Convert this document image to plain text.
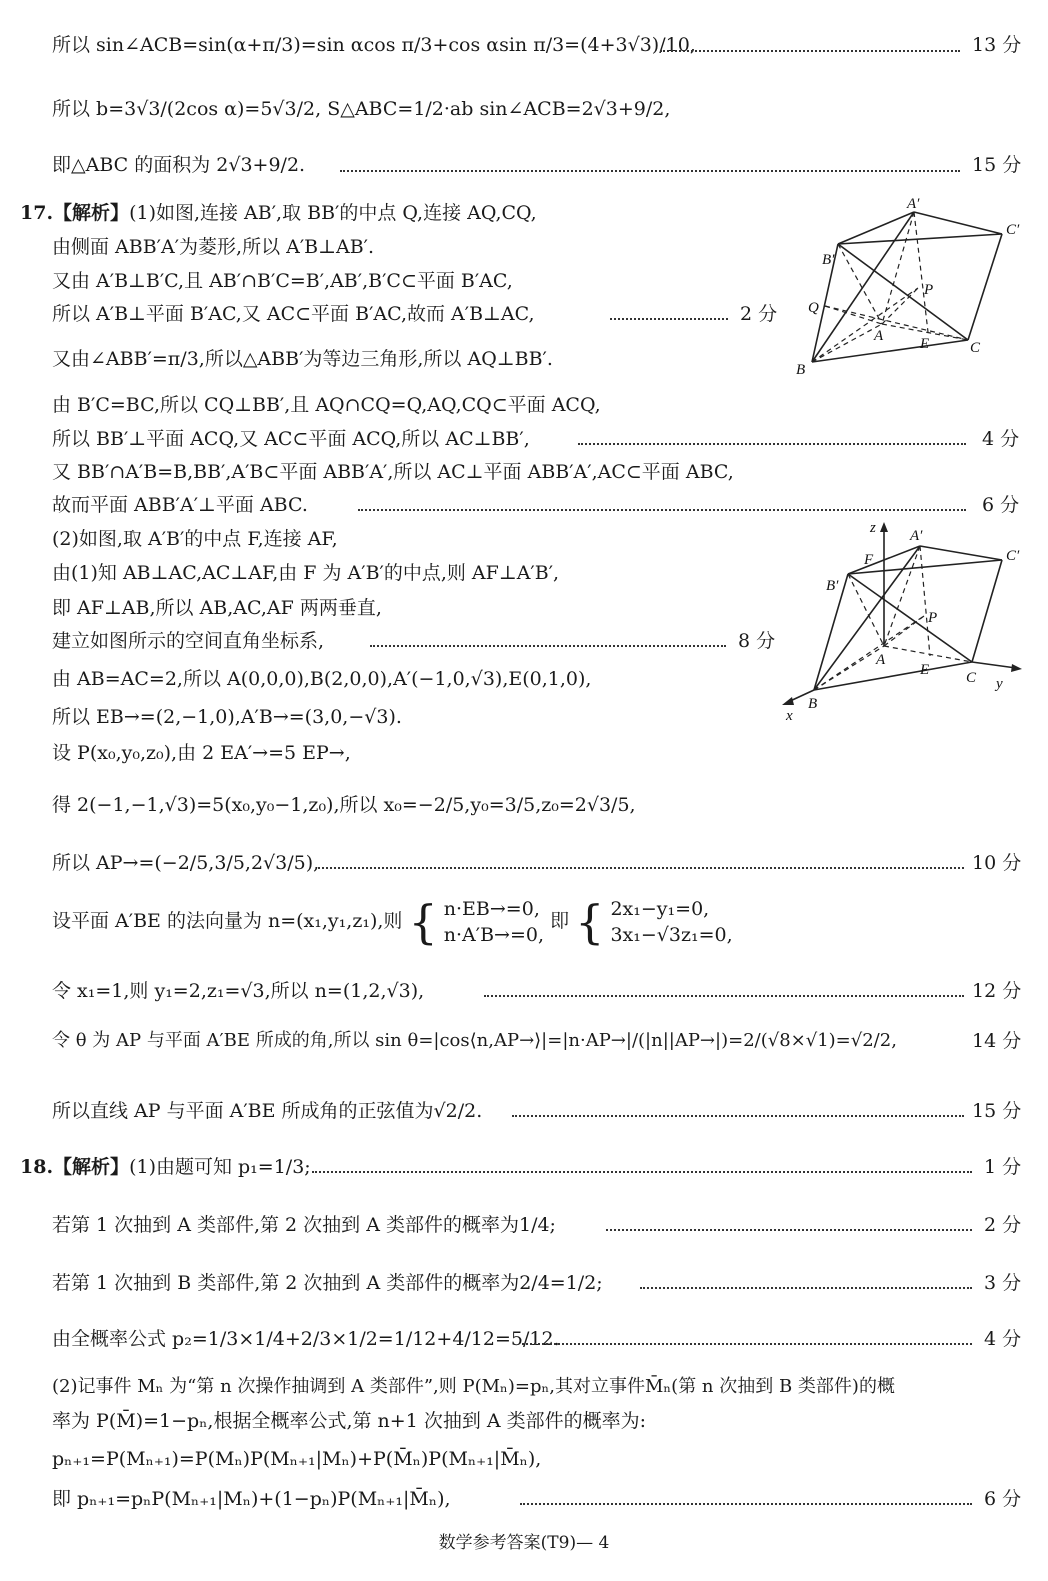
所以 sin∠ACB=sin(α+π/3)=sin αcos π/3+cos αsin π/3=(4+3√3)/10,	13 分
所以 b=3√3/(2cos α)=5√3/2, S△ABC=1/2·ab sin∠ACB=2√3+9/2,
即△ABC 的面积为 2√3+9/2.	15 分
17.【解析】(1)如图,连接 AB′,取 BB′的中点 Q,连接 AQ,CQ,
由侧面 ABB′A′为菱形,所以 A′B⊥AB′.
又由 A′B⊥B′C,且 AB′∩B′C=B′,AB′,B′C⊂平面 B′AC,
所以 A′B⊥平面 B′AC,又 AC⊂平面 B′AC,故而 A′B⊥AC,	2 分
又由∠ABB′=π/3,所以△ABB′为等边三角形,所以 AQ⊥BB′.
由 B′C=BC,所以 CQ⊥BB′,且 AQ∩CQ=Q,AQ,CQ⊂平面 ACQ,
所以 BB′⊥平面 ACQ,又 AC⊂平面 ACQ,所以 AC⊥BB′,	4 分
又 BB′∩A′B=B,BB′,A′B⊂平面 ABB′A′,所以 AC⊥平面 ABB′A′,AC⊂平面 ABC,
故而平面 ABB′A′⊥平面 ABC.	6 分
(2)如图,取 A′B′的中点 F,连接 AF,
由(1)知 AB⊥AC,AC⊥AF,由 F 为 A′B′的中点,则 AF⊥A′B′,
即 AF⊥AB,所以 AB,AC,AF 两两垂直,
建立如图所示的空间直角坐标系,	8 分
由 AB=AC=2,所以 A(0,0,0),B(2,0,0),A′(−1,0,√3),E(0,1,0),
所以 EB→=(2,−1,0),A′B→=(3,0,−√3).
设 P(x₀,y₀,z₀),由 2 EA′→=5 EP→,
得 2(−1,−1,√3)=5(x₀,y₀−1,z₀),所以 x₀=−2/5,y₀=3/5,z₀=2√3/5,
所以 AP→=(−2/5,3/5,2√3/5),	10 分
设平面 A′BE 的法向量为 n=(x₁,y₁,z₁),则 { n·EB→=0,
n·A′B→=0,
即 { 2x₁−y₁=0,
3x₁−√3z₁=0,
令 x₁=1,则 y₁=2,z₁=√3,所以 n=(1,2,√3),	12 分
令 θ 为 AP 与平面 A′BE 所成的角,所以 sin θ=|cos⟨n,AP→⟩|=|n·AP→|/(|n||AP→|)=2/(√8×√1)=√2/2,	14 分
所以直线 AP 与平面 A′BE 所成角的正弦值为√2/2.	15 分
18.【解析】(1)由题可知 p₁=1/3;	1 分
若第 1 次抽到 A 类部件,第 2 次抽到 A 类部件的概率为1/4;	2 分
若第 1 次抽到 B 类部件,第 2 次抽到 A 类部件的概率为2/4=1/2;	3 分
由全概率公式 p₂=1/3×1/4+2/3×1/2=1/12+4/12=5/12.	4 分
(2)记事件 Mₙ 为“第 n 次操作抽调到 A 类部件”,则 P(Mₙ)=pₙ,其对立事件M̄ₙ(第 n 次抽到 B 类部件)的概
率为 P(M̄)=1−pₙ,根据全概率公式,第 n+1 次抽到 A 类部件的概率为:
pₙ₊₁=P(Mₙ₊₁)=P(Mₙ)P(Mₙ₊₁|Mₙ)+P(M̄ₙ)P(Mₙ₊₁|M̄ₙ),
即 pₙ₊₁=pₙP(Mₙ₊₁|Mₙ)+(1−pₙ)P(Mₙ₊₁|M̄ₙ),	6 分
数学参考答案(T9)— 4
A′
C′
B′
P
Q
A E	C
B
z A′
F	C′
B′
P
A
E C y
B
x
